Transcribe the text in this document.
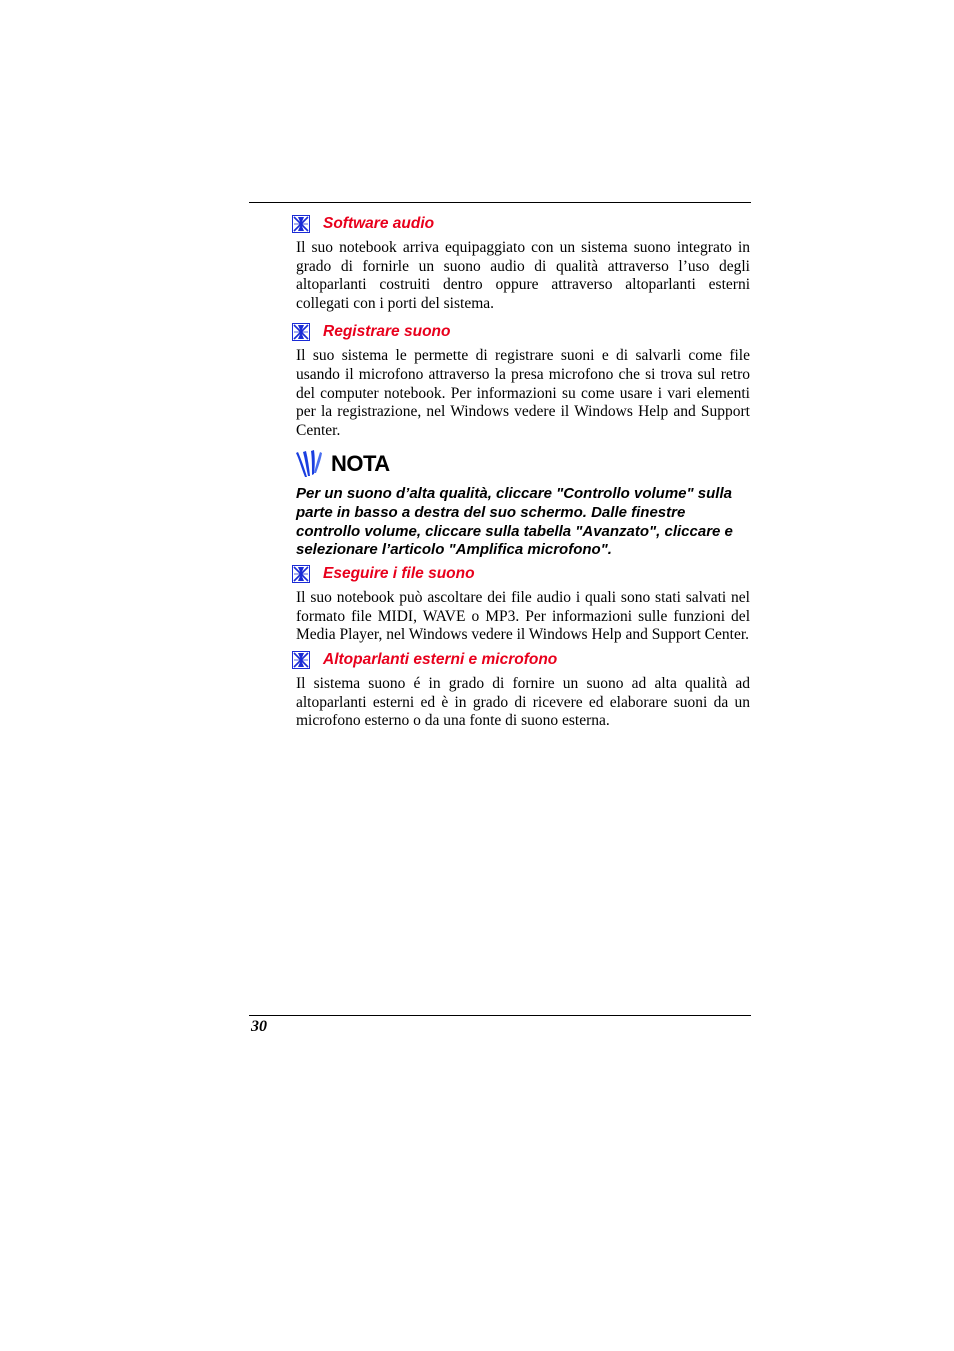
Software audio

Il suo notebook arriva equipaggiato con un sistema suono integrato in grado di fornirle un suono audio di qualità attraverso l’uso degli altoparlanti costruiti dentro oppure attraverso altoparlanti esterni collegati con i porti del sistema.

Registrare suono

Il suo sistema le permette di registrare suoni e di salvarli come file usando il microfono attraverso la presa microfono che si trova sul retro del computer notebook. Per informazioni su come usare i vari elementi per la registrazione, nel Windows vedere il Windows Help and Support Center.

NOTA

Per un suono d’alta qualità, cliccare "Controllo volume" sulla parte in basso a destra del suo schermo. Dalle finestre controllo volume, cliccare sulla tabella "Avanzato", cliccare e selezionare l’articolo "Amplifica microfono".

Eseguire i file suono

Il suo notebook può ascoltare dei file audio i quali sono stati salvati nel formato file MIDI, WAVE o MP3. Per informazioni sulle funzioni del Media Player, nel Windows vedere il Windows Help and Support Center.

Altoparlanti esterni e microfono

Il sistema suono é in grado di fornire un suono ad alta qualità ad altoparlanti esterni ed è in grado di ricevere ed elaborare suoni da un microfono esterno o da una fonte di suono esterna.

30
